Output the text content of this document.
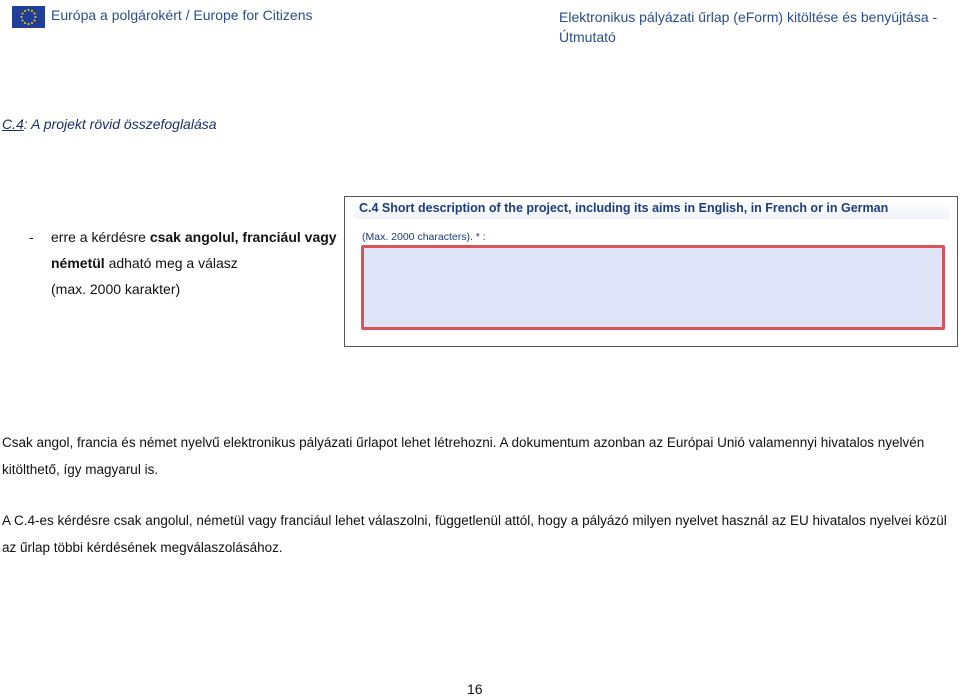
Európa a polgárokért / Europe for Citizens	Elektronikus pályázati űrlap (eForm) kitöltése és benyújtása - Útmutató
C.4: A projekt rövid összefoglalása
-	erre a kérdésre csak angolul, franciául vagy németül adható meg a válasz
(max. 2000 karakter)
C.4 Short description of the project, including its aims in English, in French or in German
(Max. 2000 characters). * :
Csak angol, francia és német nyelvű elektronikus pályázati űrlapot lehet létrehozni. A dokumentum azonban az Európai Unió valamennyi hivatalos nyelvén kitölthető, így magyarul is.
A C.4-es kérdésre csak angolul, németül vagy franciául lehet válaszolni, függetlenül attól, hogy a pályázó milyen nyelvet használ az EU hivatalos nyelvei közül az űrlap többi kérdésének megválaszolásához.
16
